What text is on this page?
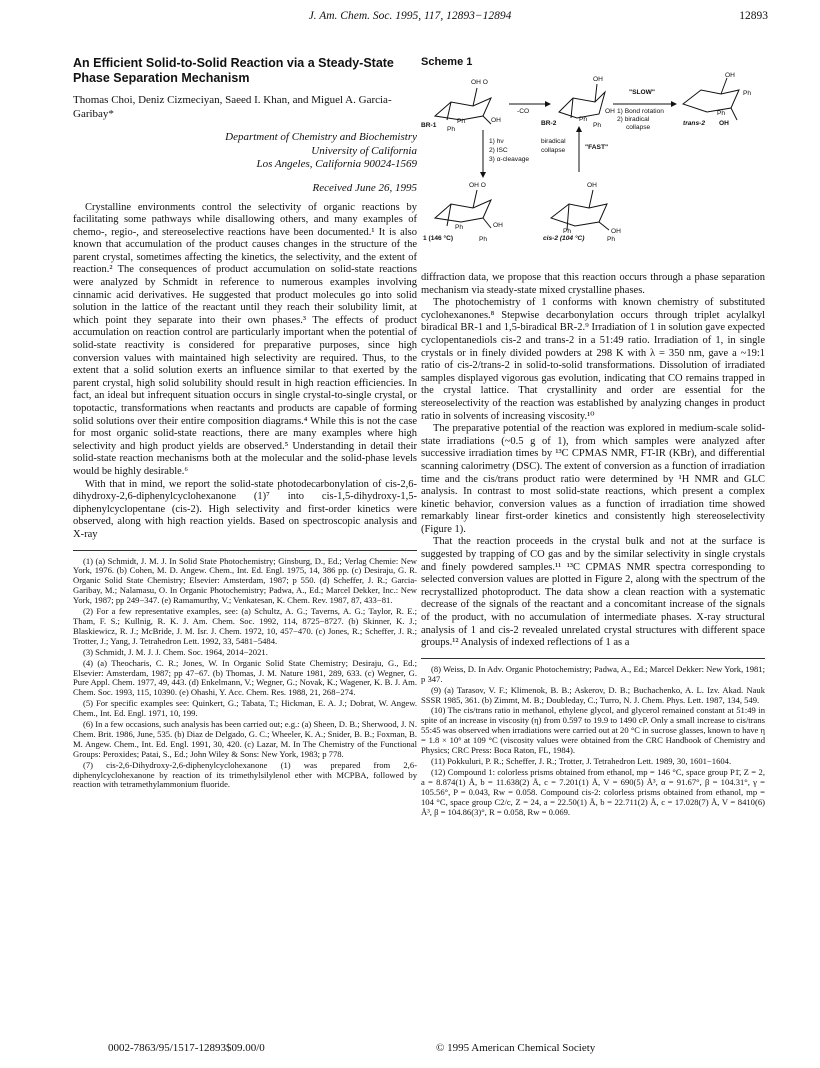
J. Am. Chem. Soc. 1995, 117, 12893−12894	12893
An Efficient Solid-to-Solid Reaction via a Steady-State Phase Separation Mechanism
Thomas Choi, Deniz Cizmeciyan, Saeed I. Khan, and Miguel A. Garcia-Garibay*
Department of Chemistry and Biochemistry
University of California
Los Angeles, California 90024-1569
Received June 26, 1995

Crystalline environments control the selectivity of organic reactions by facilitating some pathways while disallowing others, and many examples of chemo-, regio-, and stereoselective reactions have been documented.¹ It is also known that accumulation of the product causes changes in the structure of the parent crystal, sometimes affecting the kinetics, the selectivity, and the extent of reaction.² The consequences of product accumulation on solid-state reactions were analyzed by Schmidt in reference to numerous examples involving cinnamic acid derivatives. He suggested that product molecules go into solid solution in the lattice of the reactant until they reach their solubility limit, at which point they separate into their own phases.³ The effects of product accumulation on reaction control are particularly important when the potential of solid-state reactivity is considered for preparative purposes, since high conversion values with maintained high selectivity are required. Thus, to the extent that a solid solution exerts an influence similar to that exerted by the parent crystal, high solid solubility should result in high reaction efficiencies. In fact, an ideal but infrequent situation occurs in single crystal-to-single crystal, or topotactic, transformations when reactants and products are capable of forming solid solutions over their entire composition diagrams.⁴ While this is not the case for most organic solid-state reactions, there are many examples where high selectivity and high product yields are observed.⁵ Understanding in detail their solid-state reaction mechanisms both at the molecular and the solid-phase levels would be highly desirable.⁶

With that in mind, we report the solid-state photodecarbonylation of cis-2,6-dihydroxy-2,6-diphenylcyclohexanone (1)⁷ into cis-1,5-dihydroxy-1,5-diphenylcyclopentane (cis-2). High selectivity and first-order kinetics were observed, along with high reaction yields. Based on spectroscopic analysis and X-ray

(1) (a) Schmidt, J. M. J. In Solid State Photochemistry; Ginsburg, D., Ed.; Verlag Chemie: New York, 1976. (b) Cohen, M. D. Angew. Chem., Int. Ed. Engl. 1975, 14, 386 pp. (c) Desiraju, G. R. Organic Solid State Chemistry; Elsevier: Amsterdam, 1987; p 550. (d) Scheffer, J. R.; Garcia-Garibay, M.; Nalamasu, O. In Organic Photochemistry; Padwa, A., Ed.; Marcel Dekker, Inc.: New York, 1987; pp 249−347. (e) Ramamurthy, V.; Venkatesan, K. Chem. Rev. 1987, 87, 433−81.
(2) For a few representative examples, see: (a) Schultz, A. G.; Taverns, A. G.; Taylor, R. E.; Tham, F. S.; Kullnig, R. K. J. Am. Chem. Soc. 1992, 114, 8725−8727. (b) Skinner, K. J.; Blaskiewicz, R. J.; McBride, J. M. Isr. J. Chem. 1972, 10, 457−470. (c) Jones, R.; Scheffer, J. R.; Trotter, J.; Yang, J. Tetrahedron Lett. 1992, 33, 5481−5484.
(3) Schmidt, J. M. J. J. Chem. Soc. 1964, 2014−2021.
(4) (a) Theocharis, C. R.; Jones, W. In Organic Solid State Chemistry; Desiraju, G., Ed.; Elsevier: Amsterdam, 1987; pp 47−67. (b) Thomas, J. M. Nature 1981, 289, 633. (c) Wegner, G. Pure Appl. Chem. 1977, 49, 443. (d) Enkelmann, V.; Wegner, G.; Novak, K.; Wagener, K. B. J. Am. Chem. Soc. 1993, 115, 10390. (e) Ohashi, Y. Acc. Chem. Res. 1988, 21, 268−274.
(5) For specific examples see: Quinkert, G.; Tabata, T.; Hickman, E. A. J.; Dobrat, W. Angew. Chem., Int. Ed. Engl. 1971, 10, 199.
(6) In a few occasions, such analysis has been carried out; e.g.: (a) Sheen, D. B.; Sherwood, J. N. Chem. Brit. 1986, June, 535. (b) Diaz de Delgado, G. C.; Wheeler, K. A.; Snider, B. B.; Foxman, B. M. Angew. Chem., Int. Ed. Engl. 1991, 30, 420. (c) Lazar, M. In The Chemistry of the Functional Groups: Peroxides; Patai, S., Ed.; John Wiley & Sons: New York, 1983; p 778.
(7) cis-2,6-Dihydroxy-2,6-diphenylcyclohexanone (1) was prepared from 2,6-diphenylcyclohexanone by reaction of its trimethylsilylenol ether with MCPBA, followed by reaction with tetramethylammonium fluoride.
Scheme 1
OH O
OH
Ph
Ph
BR-1
-CO
OH
OH
Ph
Ph
BR-2
"SLOW"
1) Bond rotation
2) biradical
collapse
OH
Ph
Ph
trans-2 OH
1) hν
2) ISC
3) α-cleavage
biradical
collapse	"FAST"
OH O
OH
Ph
Ph
1 (146 °C)
OH
OH
Ph
Ph
cis-2 (104 °C)

diffraction data, we propose that this reaction occurs through a phase separation mechanism via steady-state mixed crystalline phases.

The photochemistry of 1 conforms with known chemistry of substituted cyclohexanones.⁸ Stepwise decarbonylation occurs through triplet acylalkyl biradical BR-1 and 1,5-biradical BR-2.⁹ Irradiation of 1 in solution gave expected cyclopentanediols cis-2 and trans-2 in a 51:49 ratio. Irradiation of 1, in single crystals or in finely divided powders at 298 K with λ = 350 nm, gave a ~19:1 ratio of cis-2/trans-2 in solid-to-solid transformations. Dissolution of irradiated samples displayed vigorous gas evolution, indicating that CO remains trapped in the crystal lattice. That crystallinity and order are essential for the stereoselectivity of the reaction was established by analyzing changes in product ratio in solvents of increasing viscosity.¹⁰

The preparative potential of the reaction was explored in medium-scale solid-state irradiations (~0.5 g of 1), from which samples were analyzed after successive irradiation times by ¹³C CPMAS NMR, FT-IR (KBr), and differential scanning calorimetry (DSC). The extent of conversion as a function of irradiation time and the cis/trans product ratio were determined by ¹H NMR and GLC analysis. In contrast to most solid-state reactions, which present a complex kinetic behavior, conversion values as a function of irradiation time showed remarkably linear first-order kinetics and consistently high stereoselectivity (Figure 1).

That the reaction proceeds in the crystal bulk and not at the surface is suggested by trapping of CO gas and by the similar selectivity in single crystals and finely powdered samples.¹¹ ¹³C CPMAS NMR spectra corresponding to selected conversion values are plotted in Figure 2, along with the spectrum of the recrystallized photoproduct. The data show a clean reaction with a systematic decrease of the signals of the reactant and a concomitant increase of the signals of the product, with no accumulation of intermediate phases. X-ray structural analysis of 1 and cis-2 revealed unrelated crystal structures with different space groups.¹² Analysis of indexed reflections of 1 as a

(8) Weiss, D. In Adv. Organic Photochemistry; Padwa, A., Ed.; Marcel Dekker: New York, 1981; p 347.
(9) (a) Tarasov, V. F.; Klimenok, B. B.; Askerov, D. B.; Buchachenko, A. L. Izv. Akad. Nauk SSSR 1985, 361. (b) Zimmt, M. B.; Doubleday, C.; Turro, N. J. Chem. Phys. Lett. 1987, 134, 549.
(10) The cis/trans ratio in methanol, ethylene glycol, and glycerol remained constant at 51:49 in spite of an increase in viscosity (η) from 0.597 to 19.9 to 1490 cP. Only a small increase to cis/trans 55:45 was observed when irradiations were carried out at 20 °C in sucrose glasses, known to have η = 1.8 × 10⁶ at 109 °C (viscosity values were obtained from the CRC Handbook of Chemistry and Physics; CRC Press: Boca Raton, FL, 1984).
(11) Pokkuluri, P. R.; Scheffer, J. R.; Trotter, J. Tetrahedron Lett. 1989, 30, 1601−1604.
(12) Compound 1: colorless prisms obtained from ethanol, mp = 146 °C, space group P1̄, Z = 2, a = 8.874(1) Å, b = 11.638(2) Å, c = 7.201(1) Å, V = 690(5) Å³, α = 91.67°, β = 104.31°, γ = 105.56°, P = 0.043, Rw = 0.058. Compound cis-2: colorless prisms obtained from ethanol, mp = 104 °C, space group C2/c, Z = 24, a = 22.50(1) Å, b = 22.711(2) Å, c = 17.028(7) Å, V = 8410(6) Å³, β = 104.86(3)°, R = 0.058, Rw = 0.069.
0002-7863/95/1517-12893$09.00/0	© 1995 American Chemical Society
